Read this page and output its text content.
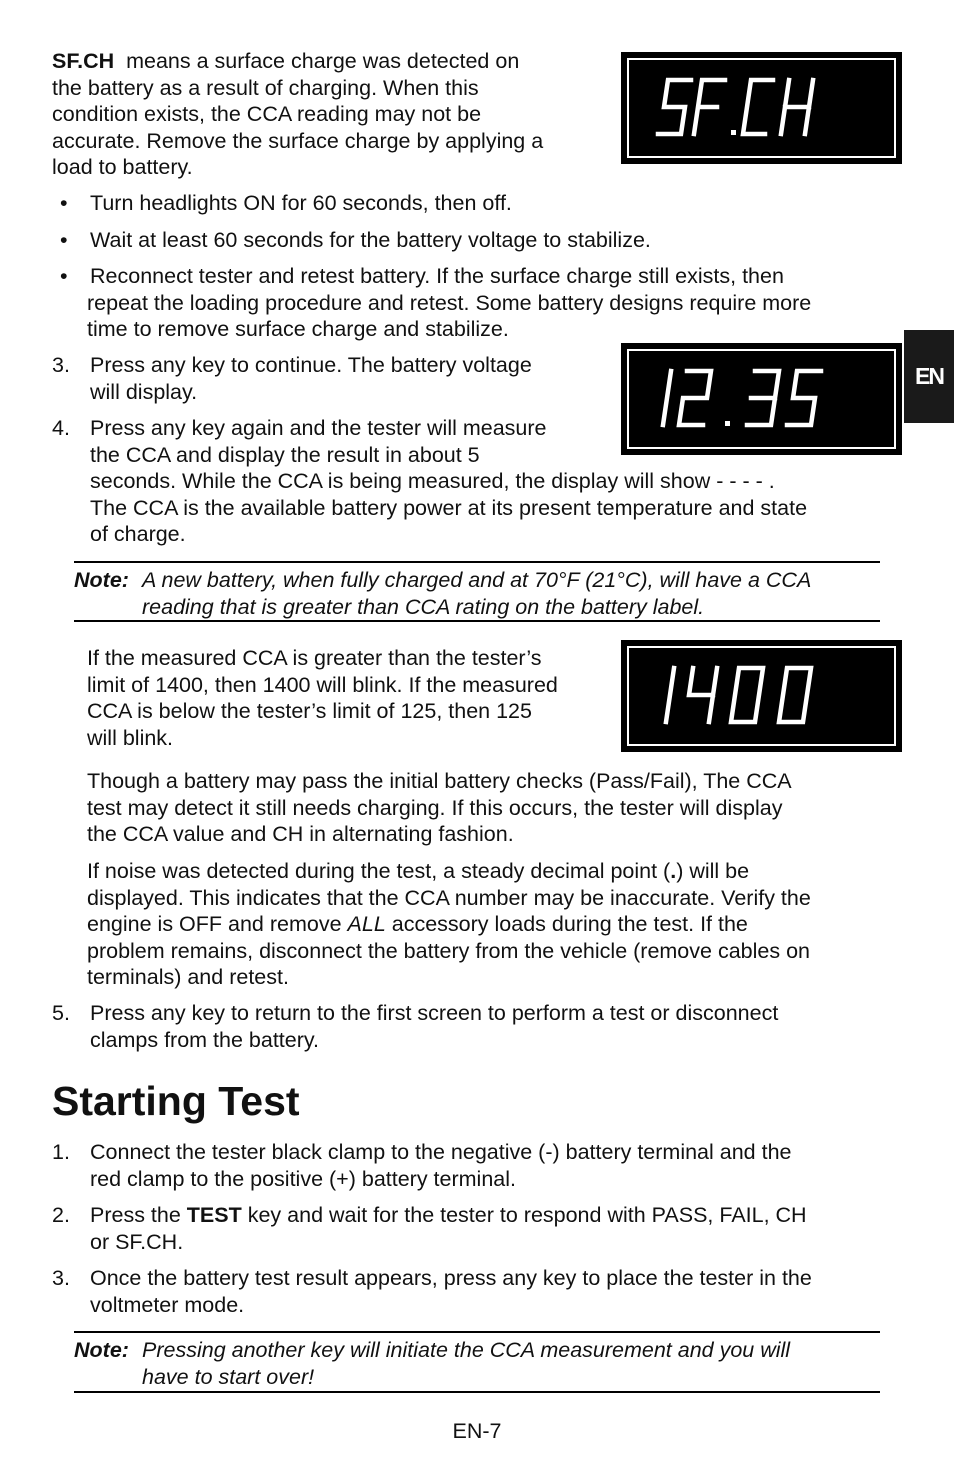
EN
SF.CH means a surface charge was detected on
the battery as a result of charging. When this
condition exists, the CCA reading may not be
accurate. Remove the surface charge by applying a
load to battery.
•	Turn headlights ON for 60 seconds, then off.
•	Wait at least 60 seconds for the battery voltage to stabilize.
•	Reconnect tester and retest battery. If the surface charge still exists, then
repeat the loading procedure and retest. Some battery designs require more
time to remove surface charge and stabilize.
3. Press any key to continue. The battery voltage
will display.
4. Press any key again and the tester will measure
the CCA and display the result in about 5
seconds. While the CCA is being measured, the display will show - - - - .
The CCA is the available battery power at its present temperature and state
of charge.
Note: A new battery, when fully charged and at 70°F (21°C), will have a CCA
reading that is greater than CCA rating on the battery label.
If the measured CCA is greater than the tester’s
limit of 1400, then 1400 will blink. If the measured
CCA is below the tester’s limit of 125, then 125
will blink.
Though a battery may pass the initial battery checks (Pass/Fail), The CCA
test may detect it still needs charging. If this occurs, the tester will display
the CCA value and CH in alternating fashion.
If noise was detected during the test, a steady decimal point (.) will be
displayed. This indicates that the CCA number may be inaccurate. Verify the
engine is OFF and remove ALL accessory loads during the test. If the
problem remains, disconnect the battery from the vehicle (remove cables on
terminals) and retest.
5. Press any key to return to the first screen to perform a test or disconnect
clamps from the battery.
Starting Test
1. Connect the tester black clamp to the negative (-) battery terminal and the
red clamp to the positive (+) battery terminal.
2. Press the TEST key and wait for the tester to respond with PASS, FAIL, CH
or SF.CH.
3. Once the battery test result appears, press any key to place the tester in the
voltmeter mode.
Note: Pressing another key will initiate the CCA measurement and you will
have to start over!
EN-7
